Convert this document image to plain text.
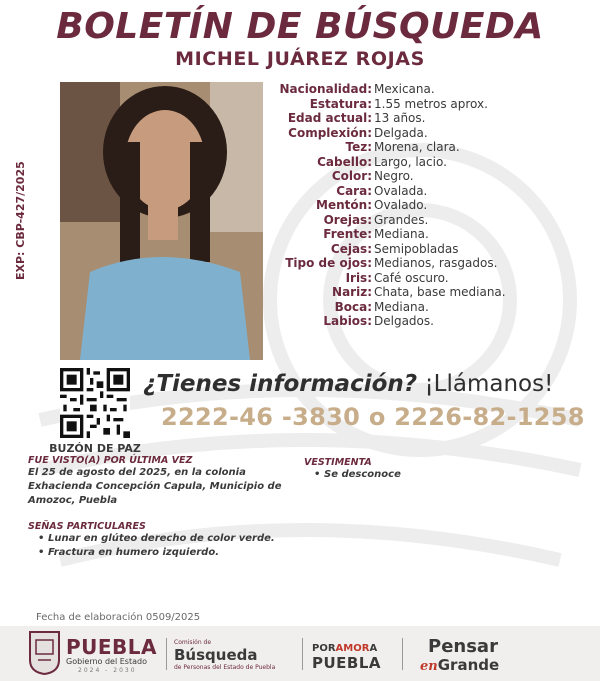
BOLETÍN DE BÚSQUEDA
MICHEL JUÁREZ ROJAS
EXP: CBP-427/2025
Nacionalidad: Mexicana.
Estatura: 1.55 metros aprox.
Edad actual: 13 años.
Complexión: Delgada.
Tez: Morena, clara.
Cabello: Largo, lacio.
Color: Negro.
Cara: Ovalada.
Mentón: Ovalado.
Orejas: Grandes.
Frente: Mediana.
Cejas: Semipobladas
Tipo de ojos: Medianos, rasgados.
Iris: Café oscuro.
Nariz: Chata, base mediana.
Boca: Mediana.
Labios: Delgados.
BUZÓN DE PAZ
¿Tienes información? ¡Llámanos!
2222-46 -3830 o 2226-82-1258
FUE VISTO(A) POR ÚLTIMA VEZ
El 25 de agosto del 2025, en la colonia Exhacienda Concepción Capula, Municipio de Amozoc, Puebla
VESTIMENTA
• Se desconoce
SEÑAS PARTICULARES
• Lunar en glúteo derecho de color verde.
• Fractura en humero izquierdo.
Fecha de elaboración 0509/2025
PUEBLA
Gobierno del Estado
2024 - 2030
Comisión de
Búsqueda
de Personas del Estado de Puebla
PORAMORA
PUEBLA
Pensar
enGrande
